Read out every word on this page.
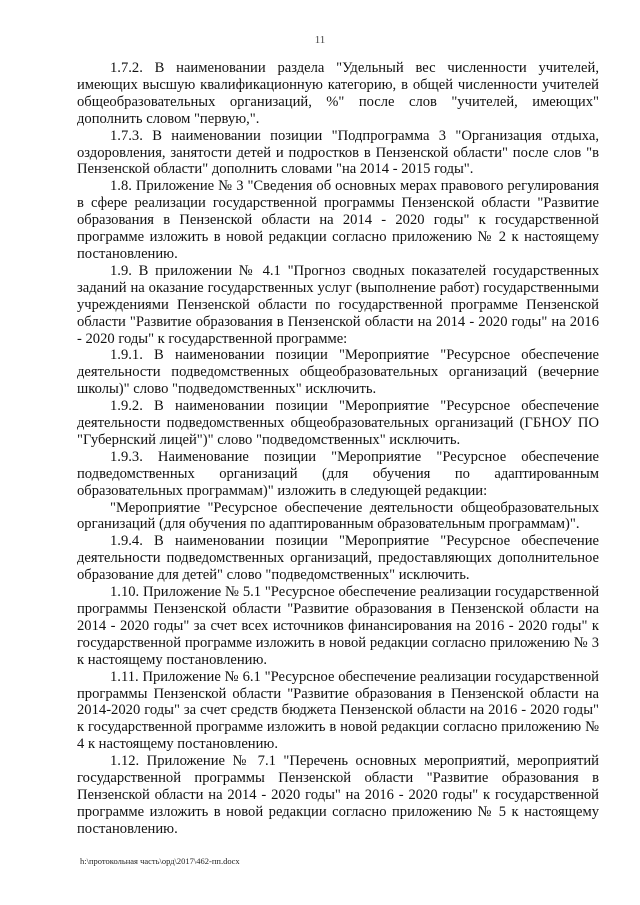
11

1.7.2. В наименовании раздела "Удельный вес численности учителей, имеющих высшую квалификационную категорию, в общей численности учителей общеобразовательных организаций, %" после слов "учителей, имеющих" дополнить словом "первую,".

1.7.3. В наименовании позиции "Подпрограмма 3 "Организация отдыха, оздоровления, занятости детей и подростков в Пензенской области" после слов "в Пензенской области" дополнить словами "на 2014 - 2015 годы".

1.8. Приложение № 3 "Сведения об основных мерах правового регулирования в сфере реализации государственной программы Пензенской области "Развитие образования в Пензенской области на 2014 - 2020 годы" к государственной программе изложить в новой редакции согласно приложению № 2 к настоящему постановлению.

1.9. В приложении № 4.1 "Прогноз сводных показателей государственных заданий на оказание государственных услуг (выполнение работ) государственными учреждениями Пензенской области по государственной программе Пензенской области "Развитие образования в Пензенской области на 2014 - 2020 годы" на 2016 - 2020 годы" к государственной программе:

1.9.1. В наименовании позиции "Мероприятие "Ресурсное обеспечение деятельности подведомственных общеобразовательных организаций (вечерние школы)" слово "подведомственных" исключить.

1.9.2. В наименовании позиции "Мероприятие "Ресурсное обеспечение деятельности подведомственных общеобразовательных организаций (ГБНОУ ПО "Губернский лицей")" слово "подведомственных" исключить.

1.9.3. Наименование позиции "Мероприятие "Ресурсное обеспечение подведомственных организаций (для обучения по адаптированным образовательных программам)" изложить в следующей редакции:

"Мероприятие "Ресурсное обеспечение деятельности общеобразовательных организаций (для обучения по адаптированным образовательным программам)".

1.9.4. В наименовании позиции "Мероприятие "Ресурсное обеспечение деятельности подведомственных организаций, предоставляющих дополнительное образование для детей" слово "подведомственных" исключить.

1.10. Приложение № 5.1 "Ресурсное обеспечение реализации государственной программы Пензенской области "Развитие образования в Пензенской области на 2014 - 2020 годы" за счет всех источников финансирования на 2016 - 2020 годы" к государственной программе изложить в новой редакции согласно приложению № 3 к настоящему постановлению.

1.11. Приложение № 6.1 "Ресурсное обеспечение реализации государственной программы Пензенской области "Развитие образования в Пензенской области на 2014-2020 годы" за счет средств бюджета Пензенской области на 2016 - 2020 годы" к государственной программе изложить в новой редакции согласно приложению № 4 к настоящему постановлению.

1.12. Приложение № 7.1 "Перечень основных мероприятий, мероприятий государственной программы Пензенской области "Развитие образования в Пензенской области на 2014 - 2020 годы" на 2016 - 2020 годы" к государственной программе изложить в новой редакции согласно приложению № 5 к настоящему постановлению.

h:\протокольная часть\орд\2017\462-пп.docx
